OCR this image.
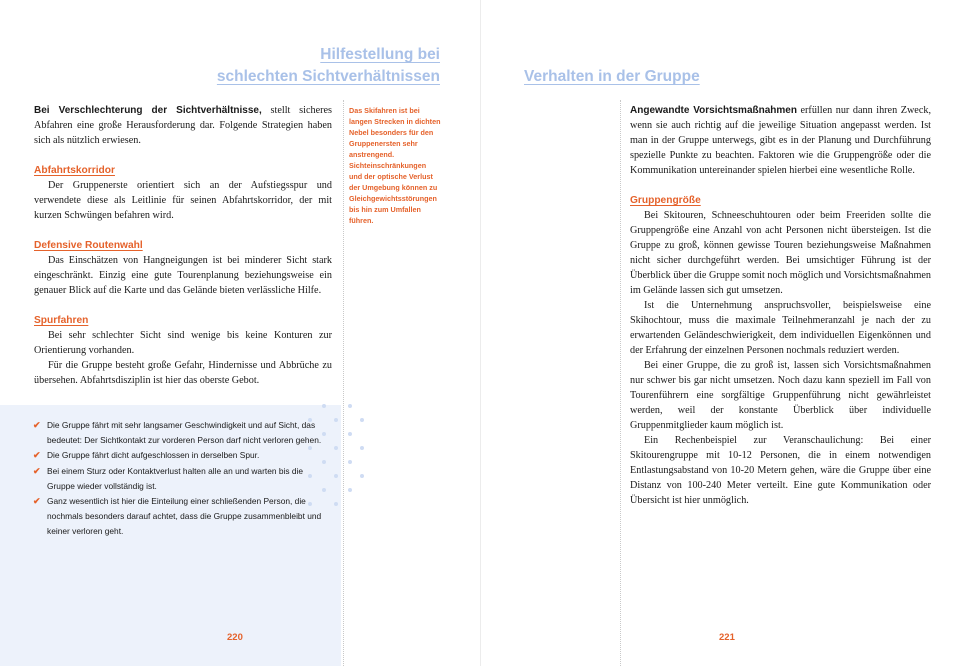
Hilfestellung bei
schlechten Sichtverhältnissen

Bei Verschlechterung der Sichtverhältnisse, stellt sicheres Abfahren eine große Herausforderung dar. Folgende Strategien haben sich als nützlich erwiesen.

Abfahrtskorridor

Der Gruppenerste orientiert sich an der Aufstiegsspur und verwendete diese als Leitlinie für seinen Abfahrtskorridor, der mit kurzen Schwüngen befahren wird.

Defensive Routenwahl

Das Einschätzen von Hangneigungen ist bei minderer Sicht stark eingeschränkt. Einzig eine gute Tourenplanung beziehungsweise ein genauer Blick auf die Karte und das Gelände bieten verlässliche Hilfe.

Spurfahren

Bei sehr schlechter Sicht sind wenige bis keine Konturen zur Orientierung vorhanden.

Für die Gruppe besteht große Gefahr, Hindernisse und Abbrüche zu übersehen. Abfahrtsdisziplin ist hier das oberste Gebot.

Das Skifahren ist bei langen Strecken in dichten Nebel besonders für den Gruppenersten sehr anstrengend. Sichteinschränkungen und der optische Verlust der Umgebung können zu Gleichgewichtsstörungen bis hin zum Umfallen führen.
✔ Die Gruppe fährt mit sehr langsamer Geschwindigkeit und auf Sicht, das bedeutet: Der Sichtkontakt zur vorderen Person darf nicht verloren gehen.
✔ Die Gruppe fährt dicht aufgeschlossen in derselben Spur.
✔ Bei einem Sturz oder Kontaktverlust halten alle an und warten bis die Gruppe wieder vollständig ist.
✔ Ganz wesentlich ist hier die Einteilung einer schließenden Person, die nochmals besonders darauf achtet, dass die Gruppe zusammenbleibt und keiner verloren geht.
220
Verhalten in der Gruppe

Angewandte Vorsichtsmaßnahmen erfüllen nur dann ihren Zweck, wenn sie auch richtig auf die jeweilige Situation angepasst werden. Ist man in der Gruppe unterwegs, gibt es in der Planung und Durchführung spezielle Punkte zu beachten. Faktoren wie die Gruppengröße oder die Kommunikation untereinander spielen hierbei eine wesentliche Rolle.

Gruppengröße

Bei Skitouren, Schneeschuhtouren oder beim Freeriden sollte die Gruppengröße eine Anzahl von acht Personen nicht übersteigen. Ist die Gruppe zu groß, können gewisse Touren beziehungsweise Maßnahmen nicht sicher durchgeführt werden. Bei umsichtiger Führung ist der Überblick über die Gruppe somit noch möglich und Vorsichtsmaßnahmen im Gelände lassen sich gut umsetzen.

Ist die Unternehmung anspruchsvoller, beispielsweise eine Skihochtour, muss die maximale Teilnehmeranzahl je nach der zu erwartenden Geländeschwierigkeit, dem individuellen Eigenkönnen und der Erfahrung der einzelnen Personen nochmals reduziert werden.

Bei einer Gruppe, die zu groß ist, lassen sich Vorsichtsmaßnahmen nur schwer bis gar nicht umsetzen. Noch dazu kann speziell im Fall von Tourenführern eine sorgfältige Gruppenführung nicht gewährleistet werden, weil der konstante Überblick über individuelle Gruppenmitglieder kaum möglich ist.

Ein Rechenbeispiel zur Veranschaulichung: Bei einer Skitourengruppe mit 10-12 Personen, die in einem notwendigen Entlastungsabstand von 10-20 Metern gehen, wäre die Gruppe über eine Distanz von 100-240 Meter verteilt. Eine gute Kommunikation oder Übersicht ist hier unmöglich.

221
